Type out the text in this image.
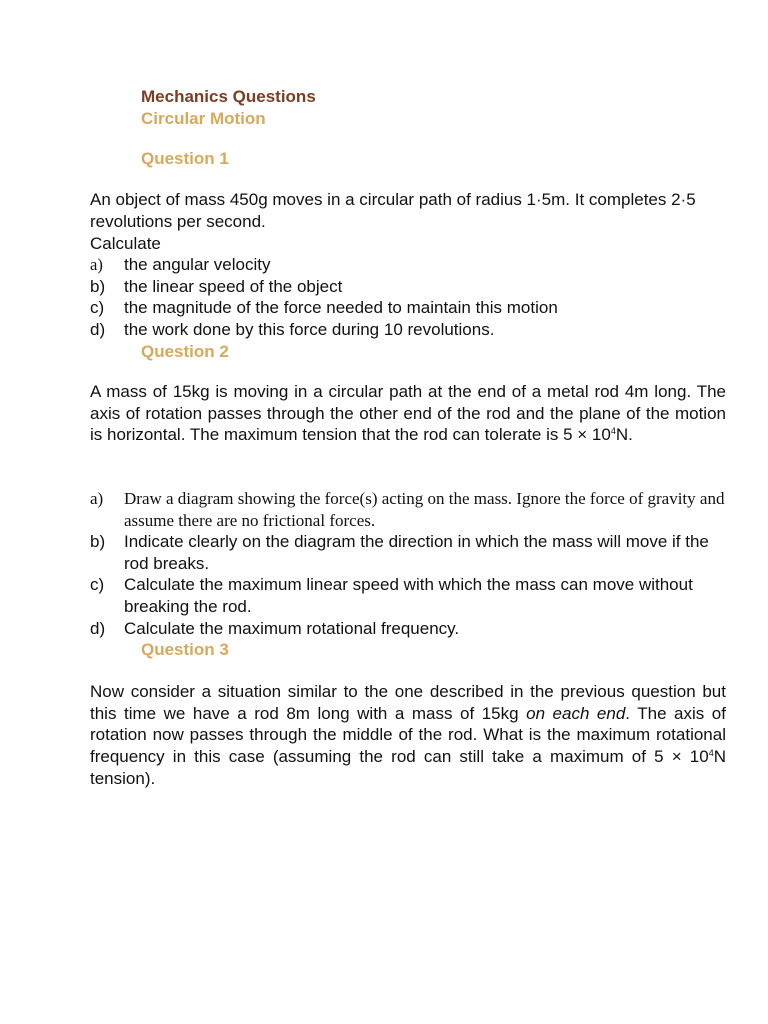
Mechanics Questions
Circular Motion
Question 1
An object of mass 450g moves in a circular path of radius 1·5m. It completes 2·5 revolutions per second.
Calculate
a) the angular velocity
b) the linear speed of the object
c) the magnitude of the force needed to maintain this motion
d) the work done by this force during 10 revolutions.
Question 2
A mass of 15kg is moving in a circular path at the end of a metal rod 4m long. The axis of rotation passes through the other end of the rod and the plane of the motion is horizontal. The maximum tension that the rod can tolerate is $5 \times 10^4N$.
a) Draw a diagram showing the force(s) acting on the mass. Ignore the force of gravity and assume there are no frictional forces.
b) Indicate clearly on the diagram the direction in which the mass will move if the rod breaks.
c) Calculate the maximum linear speed with which the mass can move without breaking the rod.
d) Calculate the maximum rotational frequency.
Question 3
Now consider a situation similar to the one described in the previous question but this time we have a rod 8m long with a mass of 15kg on each end. The axis of rotation now passes through the middle of the rod. What is the maximum rotational frequency in this case (assuming the rod can still take a maximum of $5 \times 10^4N$ tension).
